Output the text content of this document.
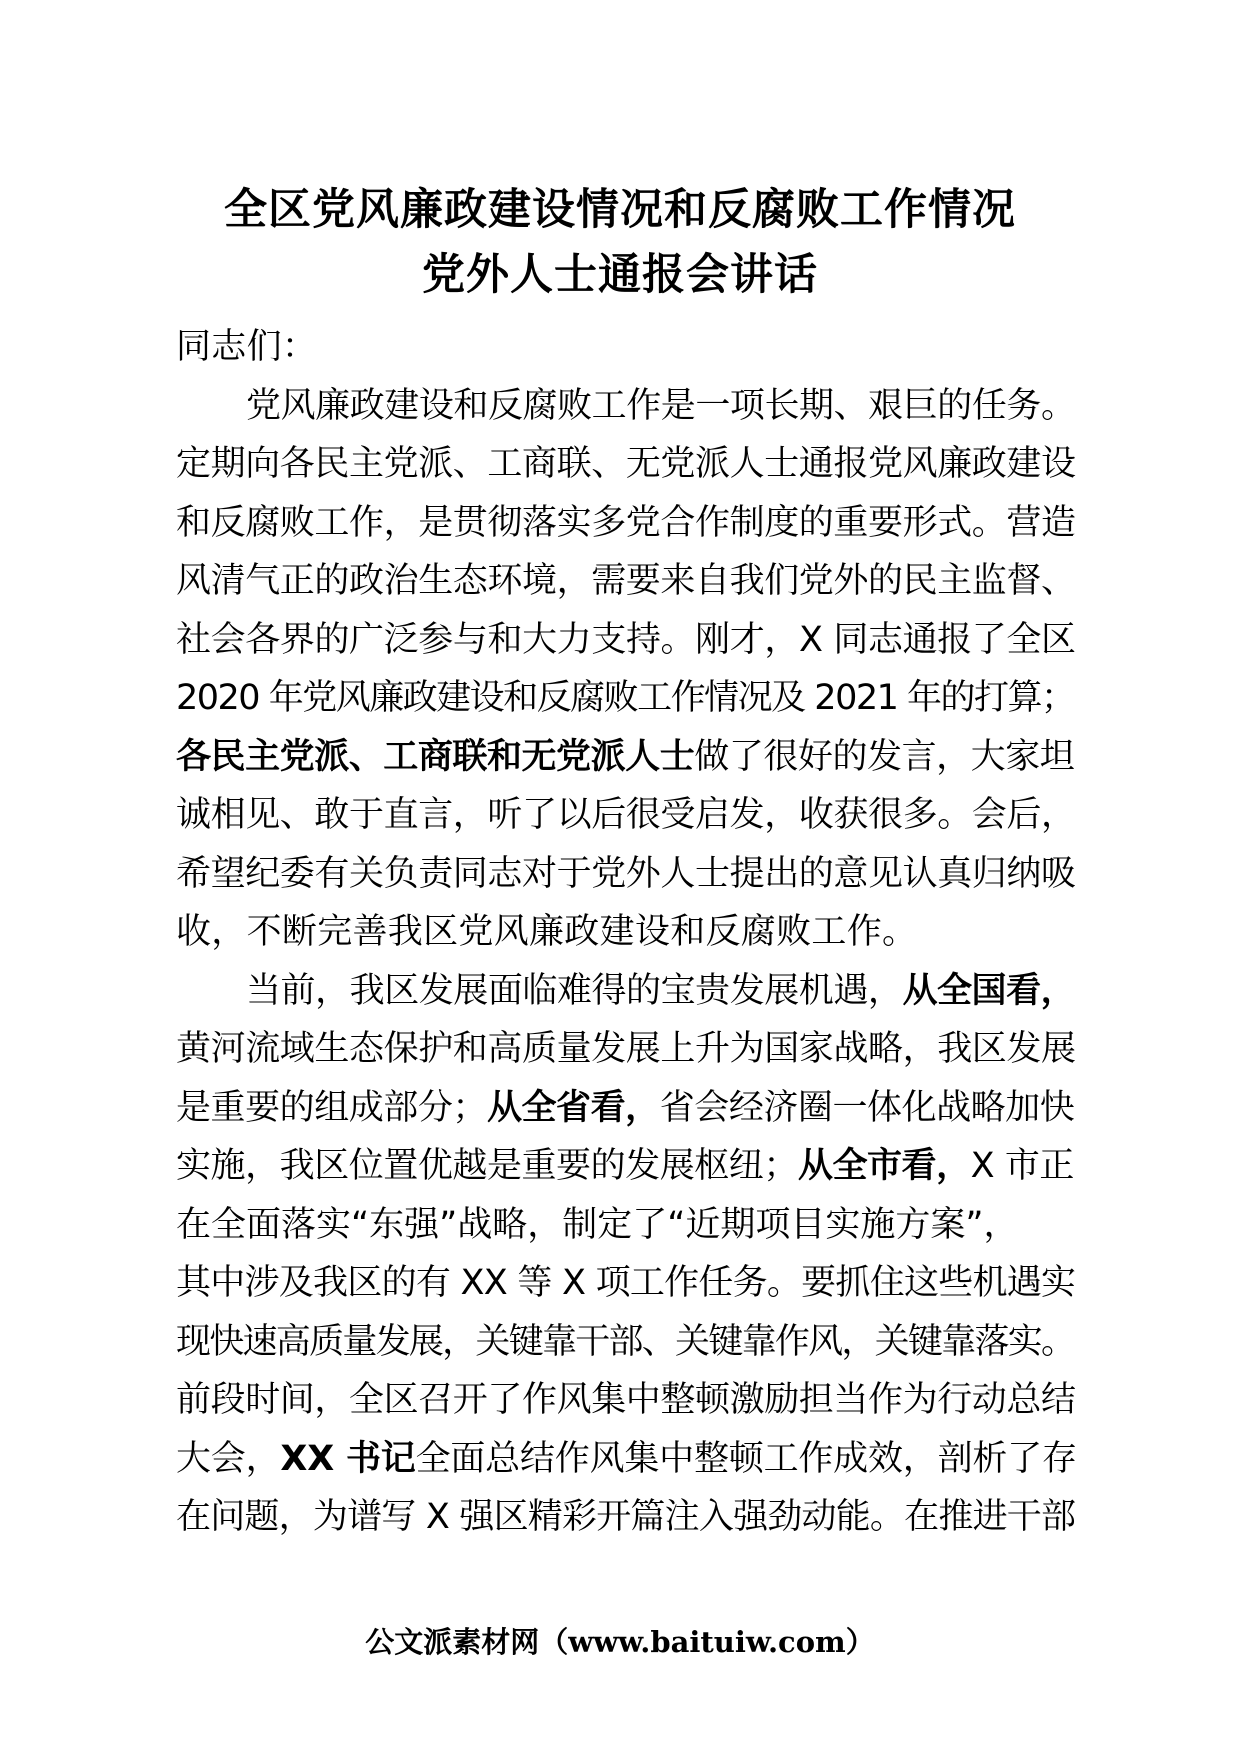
全区党风廉政建设情况和反腐败工作情况
党外人士通报会讲话
同志们：
党风廉政建设和反腐败工作是一项长期、艰巨的任务。
定期向各民主党派、工商联、无党派人士通报党风廉政建设
和反腐败工作，是贯彻落实多党合作制度的重要形式。营造
风清气正的政治生态环境，需要来自我们党外的民主监督、
社会各界的广泛参与和大力支持。刚才，X 同志通报了全区
2020 年党风廉政建设和反腐败工作情况及 2021 年的打算；
各民主党派、工商联和无党派人士 做了很好的发言，大家坦
诚相见、敢于直言，听了以后很受启发，收获很多。会后，
希望纪委有关负责同志对于党外人士提出的意见认真归纳吸
收，不断完善我区党风廉政建设和反腐败工作。
当前，我区发展面临难得的宝贵发展机遇， 从全国看，
黄河流域生态保护和高质量发展上升为国家战略，我区发展
是重要的组成部分； 从全省看， 省会经济圈一体化战略加快
实施，我区位置优越是重要的发展枢纽； 从全市看， X 市正
在全面落实“东强”战略，制定了“近期项目实施方案”，
其中涉及我区的有 XX 等 X 项工作任务。要抓住这些机遇实
现快速高质量发展，关键靠干部、关键靠作风，关键靠落实。
前段时间，全区召开了作风集中整顿激励担当作为行动总结
大会， XX 书记 全面总结作风集中整顿工作成效，剖析了存
在问题，为谱写 X 强区精彩开篇注入强劲动能。在推进干部
公文派素材网（www.baituiw.com）
